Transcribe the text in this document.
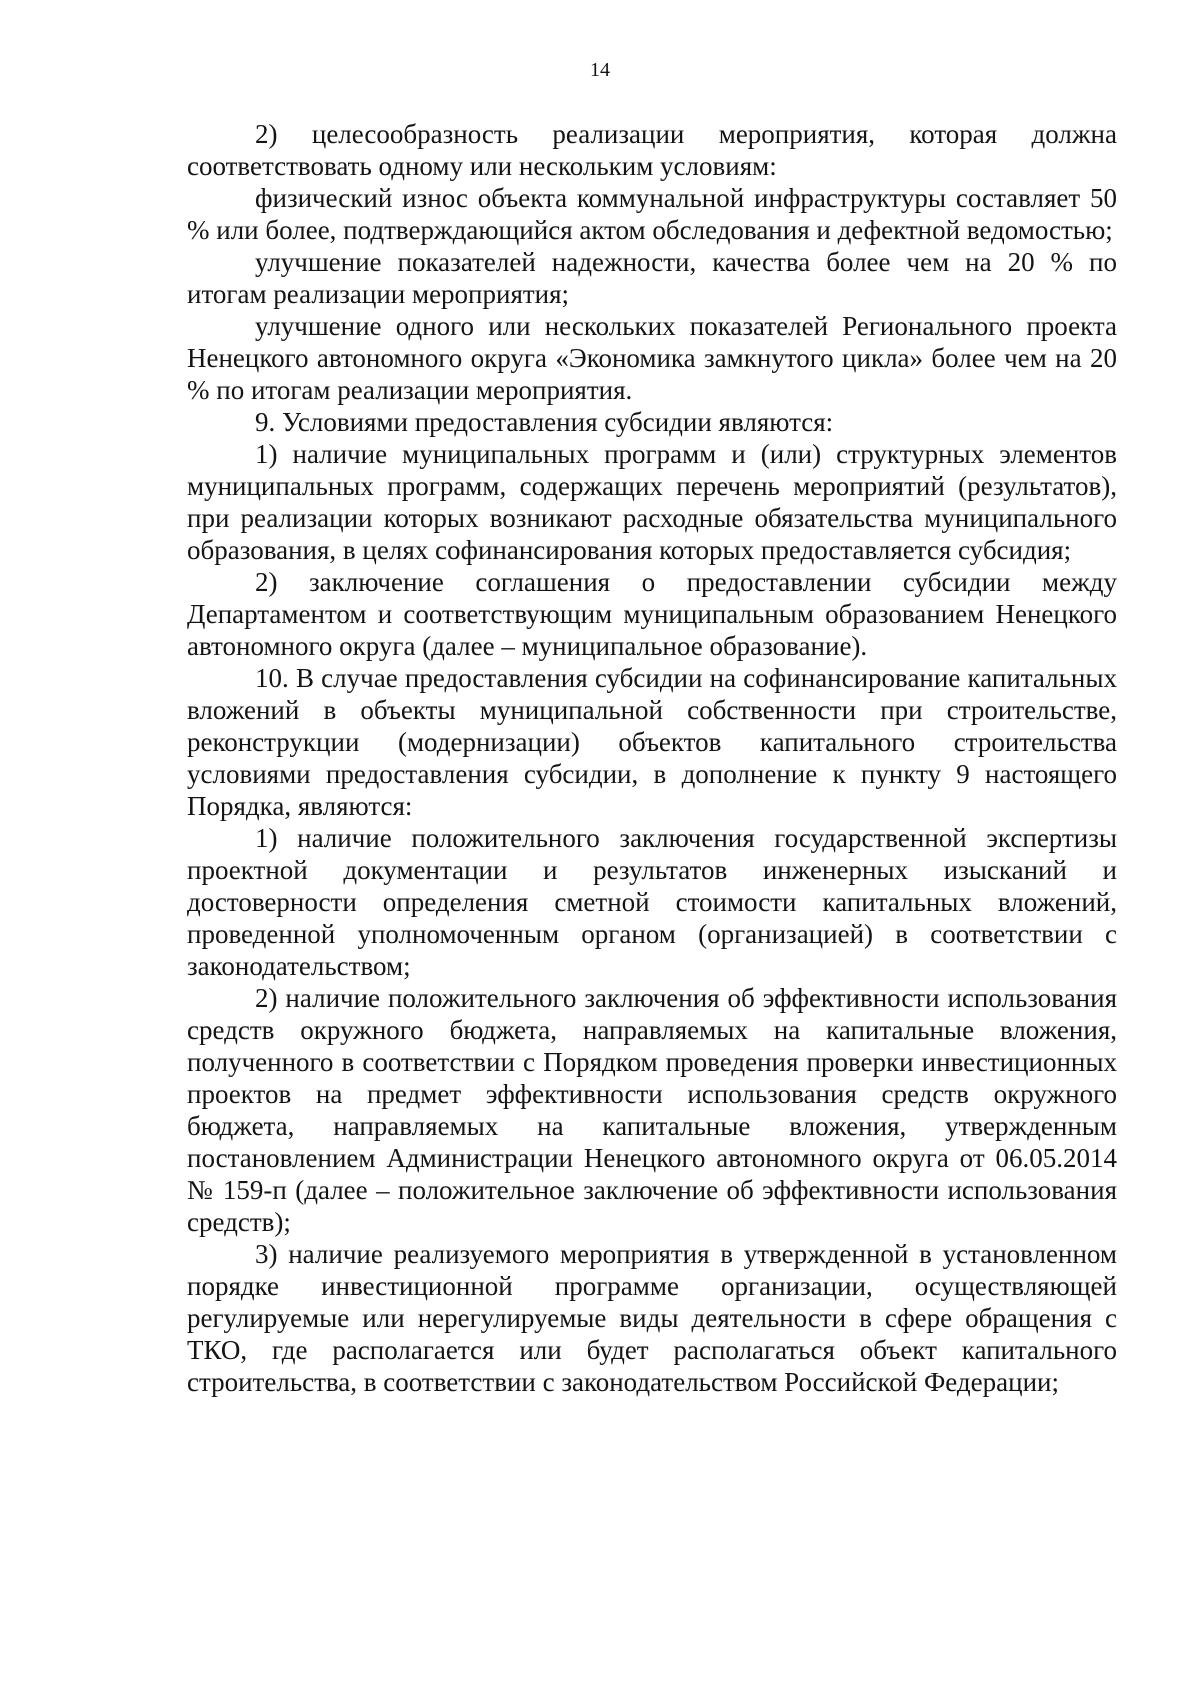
14

2) целесообразность реализации мероприятия, которая должна соответствовать одному или нескольким условиям:

физический износ объекта коммунальной инфраструктуры составляет 50 % или более, подтверждающийся актом обследования и дефектной ведомостью;

улучшение показателей надежности, качества более чем на 20 % по итогам реализации мероприятия;

улучшение одного или нескольких показателей Регионального проекта Ненецкого автономного округа «Экономика замкнутого цикла» более чем на 20 % по итогам реализации мероприятия.

9. Условиями предоставления субсидии являются:

1) наличие муниципальных программ и (или) структурных элементов муниципальных программ, содержащих перечень мероприятий (результатов), при реализации которых возникают расходные обязательства муниципального образования, в целях софинансирования которых предоставляется субсидия;

2) заключение соглашения о предоставлении субсидии между Департаментом и соответствующим муниципальным образованием Ненецкого автономного округа (далее – муниципальное образование).

10. В случае предоставления субсидии на софинансирование капитальных вложений в объекты муниципальной собственности при строительстве, реконструкции (модернизации) объектов капитального строительства условиями предоставления субсидии, в дополнение к пункту 9 настоящего Порядка, являются:

1) наличие положительного заключения государственной экспертизы проектной документации и результатов инженерных изысканий и достоверности определения сметной стоимости капитальных вложений, проведенной уполномоченным органом (организацией) в соответствии с законодательством;

2) наличие положительного заключения об эффективности использования средств окружного бюджета, направляемых на капитальные вложения, полученного в соответствии с Порядком проведения проверки инвестиционных проектов на предмет эффективности использования средств окружного бюджета, направляемых на капитальные вложения, утвержденным постановлением Администрации Ненецкого автономного округа от 06.05.2014 № 159-п (далее – положительное заключение об эффективности использования средств);

3) наличие реализуемого мероприятия в утвержденной в установленном порядке инвестиционной программе организации, осуществляющей регулируемые или нерегулируемые виды деятельности в сфере обращения с ТКО, где располагается или будет располагаться объект капитального строительства, в соответствии с законодательством Российской Федерации;
